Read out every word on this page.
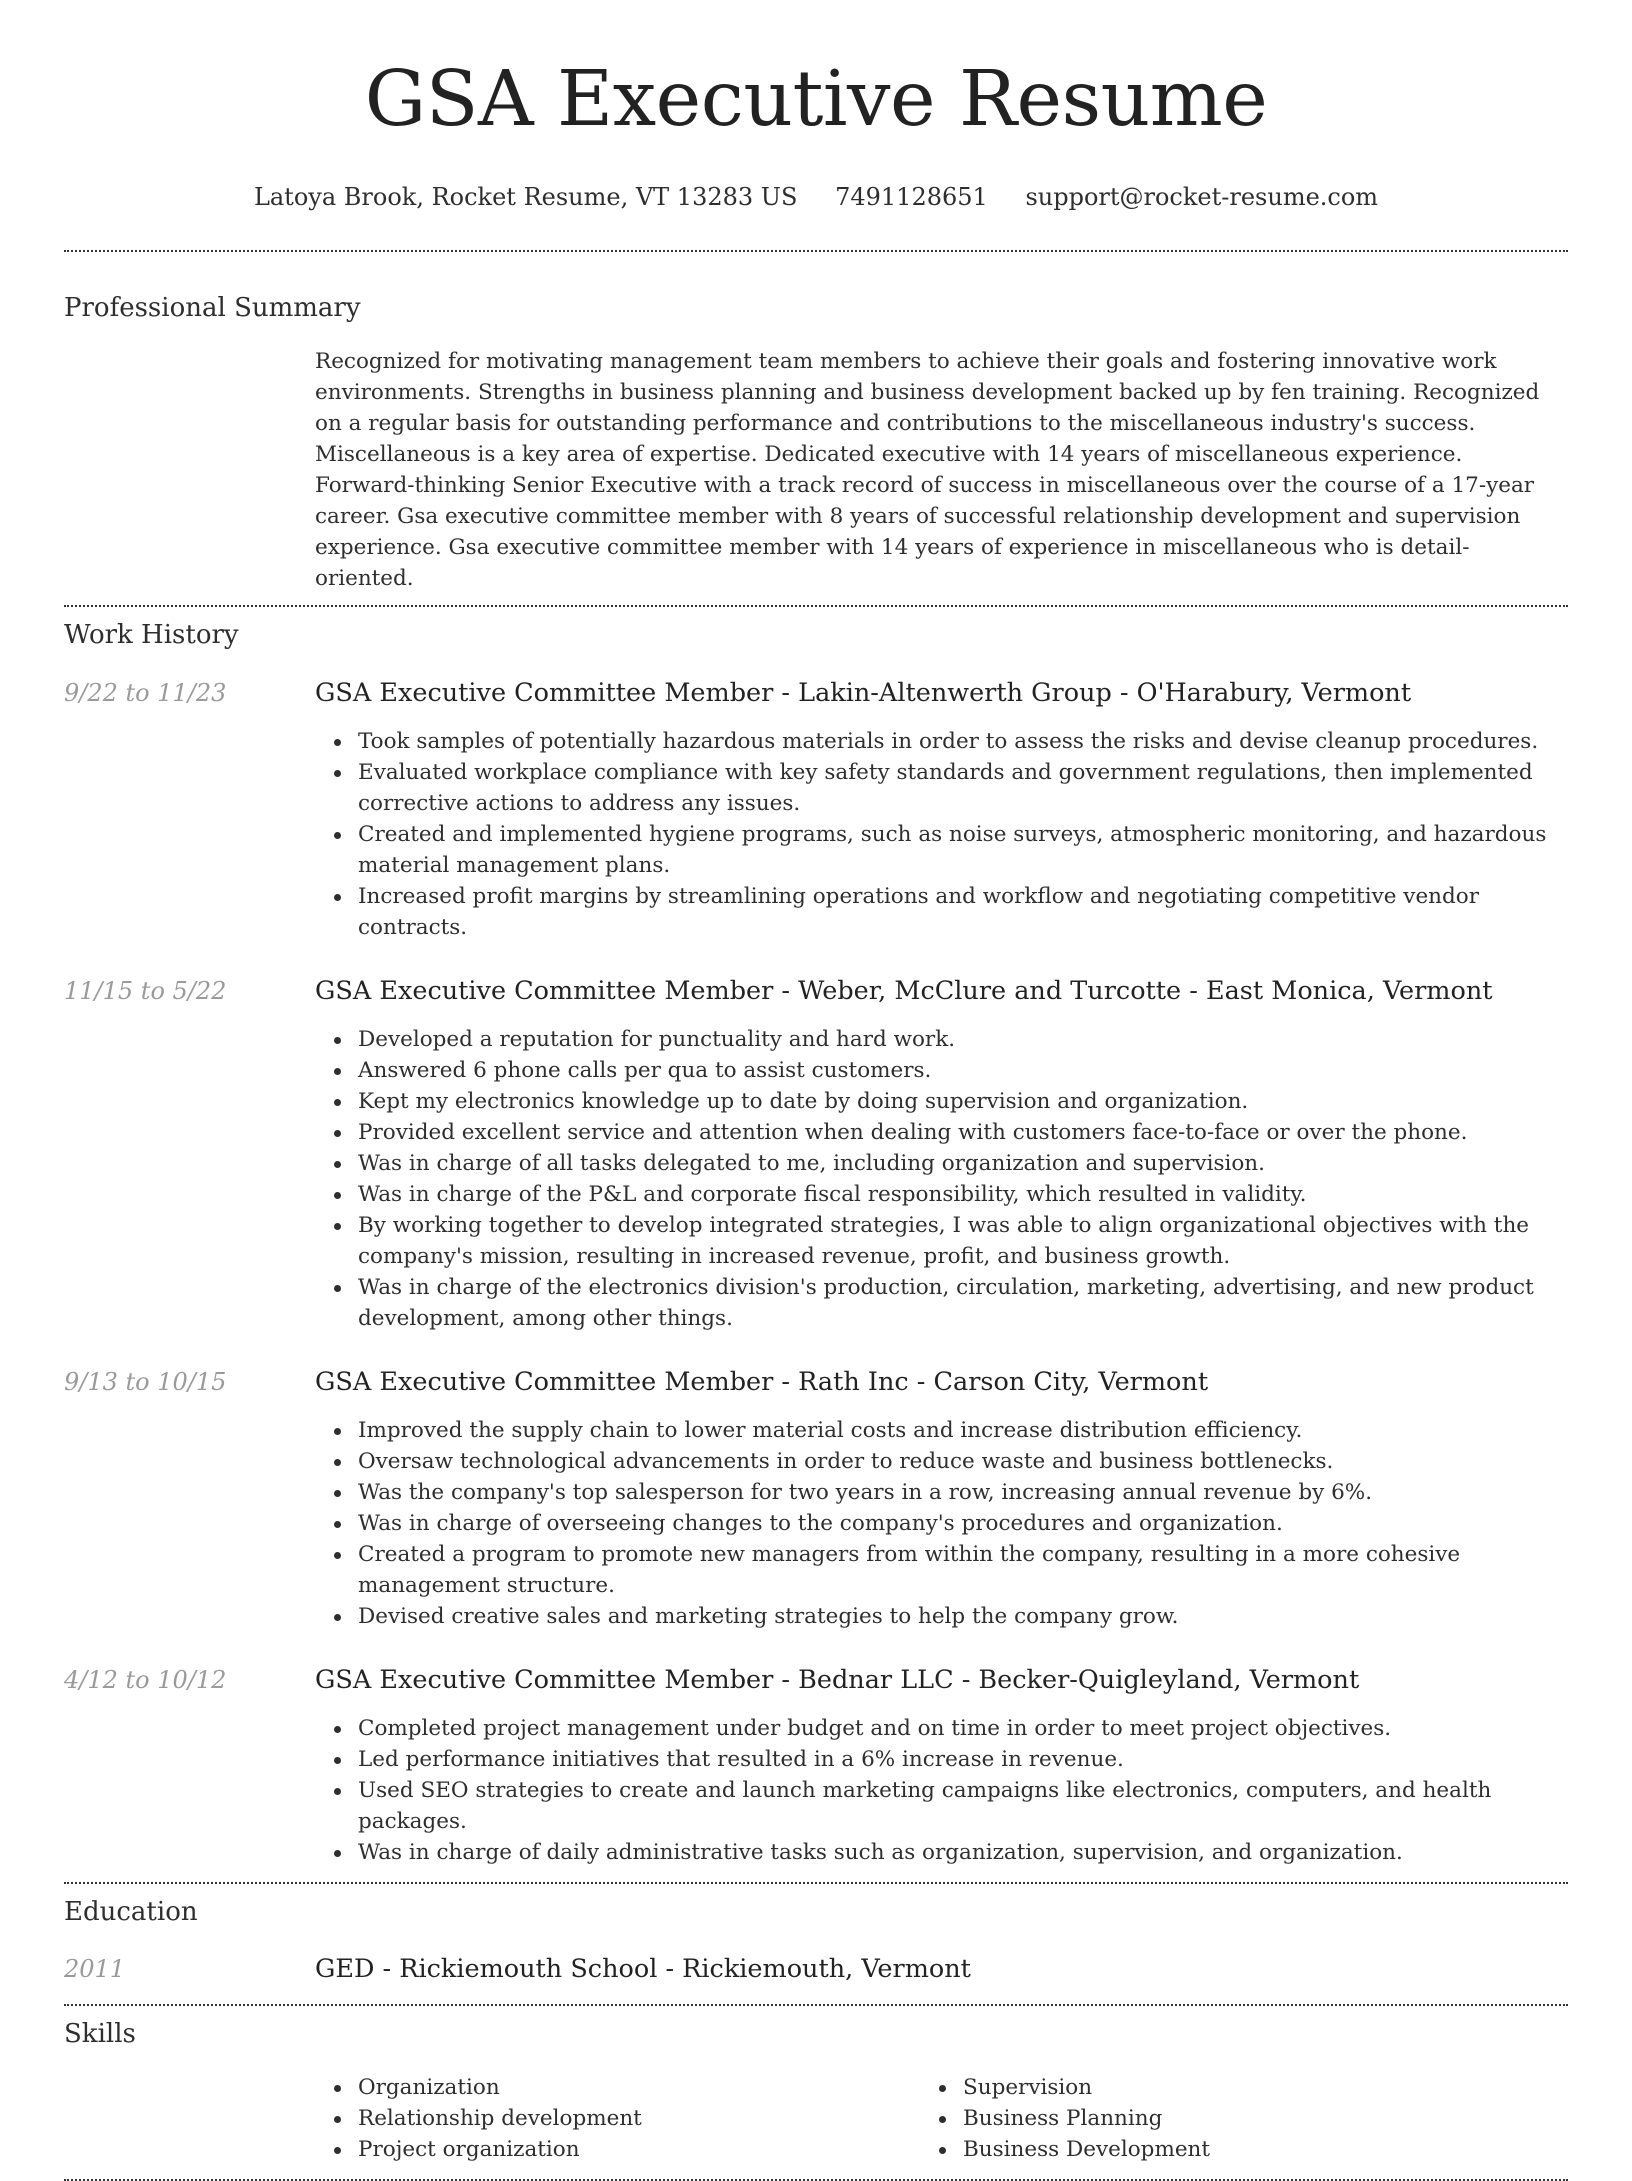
GSA Executive Resume
Latoya Brook, Rocket Resume, VT 13283 US 7491128651 support@rocket-resume.com
Professional Summary
Recognized for motivating management team members to achieve their goals and fostering innovative work environments. Strengths in business planning and business development backed up by fen training. Recognized on a regular basis for outstanding performance and contributions to the miscellaneous industry's success. Miscellaneous is a key area of expertise. Dedicated executive with 14 years of miscellaneous experience. Forward-thinking Senior Executive with a track record of success in miscellaneous over the course of a 17-year career. Gsa executive committee member with 8 years of successful relationship development and supervision experience. Gsa executive committee member with 14 years of experience in miscellaneous who is detail-oriented.
Work History
9/22 to 11/23	GSA Executive Committee Member - Lakin-Altenwerth Group - O'Harabury, Vermont
Took samples of potentially hazardous materials in order to assess the risks and devise cleanup procedures.
Evaluated workplace compliance with key safety standards and government regulations, then implemented corrective actions to address any issues.
Created and implemented hygiene programs, such as noise surveys, atmospheric monitoring, and hazardous material management plans.
Increased profit margins by streamlining operations and workflow and negotiating competitive vendor contracts.
11/15 to 5/22	GSA Executive Committee Member - Weber, McClure and Turcotte - East Monica, Vermont
Developed a reputation for punctuality and hard work.
Answered 6 phone calls per qua to assist customers.
Kept my electronics knowledge up to date by doing supervision and organization.
Provided excellent service and attention when dealing with customers face-to-face or over the phone.
Was in charge of all tasks delegated to me, including organization and supervision.
Was in charge of the P&L and corporate fiscal responsibility, which resulted in validity.
By working together to develop integrated strategies, I was able to align organizational objectives with the company's mission, resulting in increased revenue, profit, and business growth.
Was in charge of the electronics division's production, circulation, marketing, advertising, and new product development, among other things.
9/13 to 10/15	GSA Executive Committee Member - Rath Inc - Carson City, Vermont
Improved the supply chain to lower material costs and increase distribution efficiency.
Oversaw technological advancements in order to reduce waste and business bottlenecks.
Was the company's top salesperson for two years in a row, increasing annual revenue by 6%.
Was in charge of overseeing changes to the company's procedures and organization.
Created a program to promote new managers from within the company, resulting in a more cohesive management structure.
Devised creative sales and marketing strategies to help the company grow.
4/12 to 10/12	GSA Executive Committee Member - Bednar LLC - Becker-Quigleyland, Vermont
Completed project management under budget and on time in order to meet project objectives.
Led performance initiatives that resulted in a 6% increase in revenue.
Used SEO strategies to create and launch marketing campaigns like electronics, computers, and health packages.
Was in charge of daily administrative tasks such as organization, supervision, and organization.
Education
2011	GED - Rickiemouth School - Rickiemouth, Vermont
Skills
Organization
Relationship development
Project organization
Supervision
Business Planning
Business Development
